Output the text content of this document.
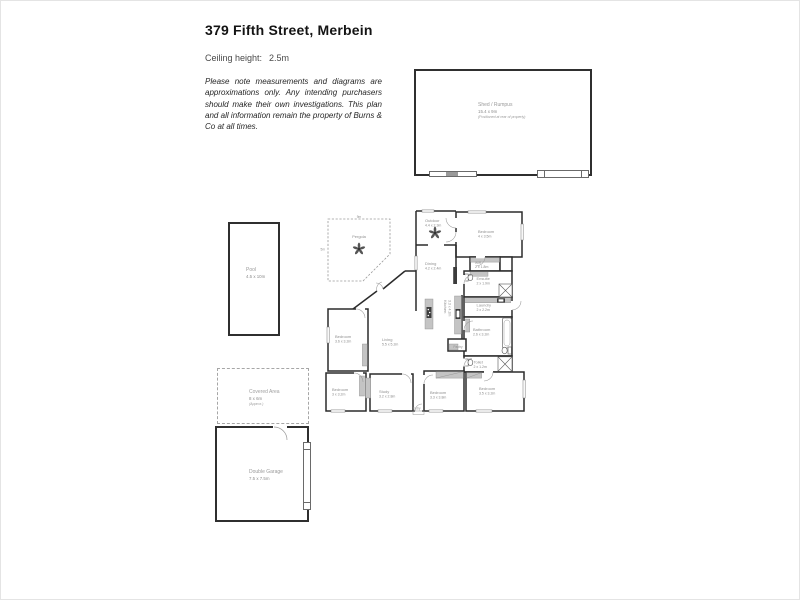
379 Fifth Street, Merbein
Ceiling height: 2.5m
Please note measurements and diagrams are approximations only. Any intending purchasers should make their own investigations. This plan and all information remain the property of Burns & Co at all times.
Shed / Rumpus
15.4 x 9m
(Positioned at rear of property)
Pool
4.5 x 10m
Covered Area
8 x 6m
(Approx.)
Double Garage
7.5 x 7.5m
9m
5m
Pergola
Outdoor
4.4 x 2.3m
Bedroom
4 x 3.5m
WIR
2 x 1.8m
Ensuite
2 x 1.9m
Dining
4.2 x 2.4m
Kitchen 3.3 x 4.2m
Pantry
Laundry
2 x 2.2m
Bathroom
2.6 x 3.2m
Toilet
2 x 1.2m
Bedroom
3.5 x 3.2m
Living
5.5 x 5.2m
Bedroom
3.6 x 3.2m
Bedroom
3 x 3.2m
Study
3.2 x 2.8m
Bedroom
3.3 x 3.8m
Entry
